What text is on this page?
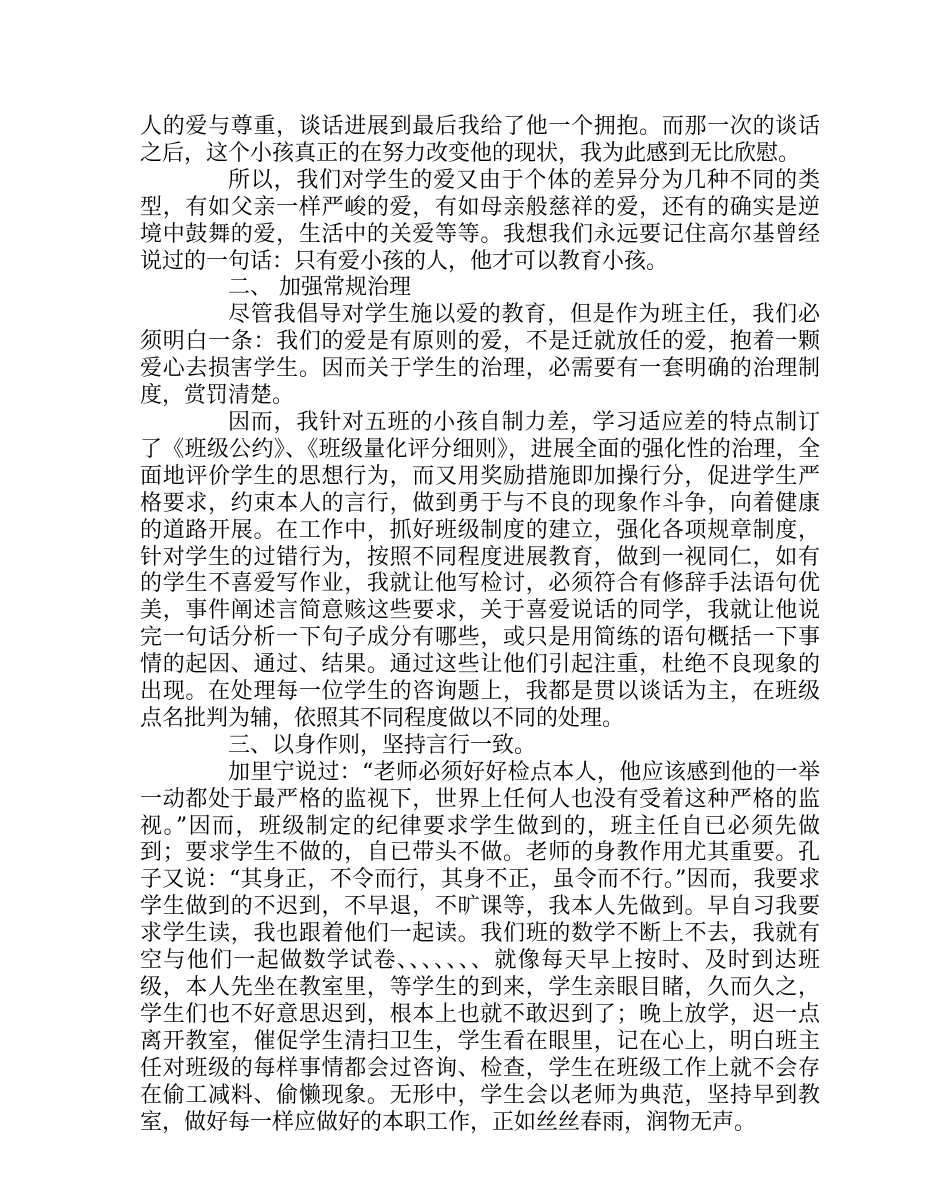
人的爱与尊重，谈话进展到最后我给了他一个拥抱。而那一次的谈话之后，这个小孩真正的在努力改变他的现状，我为此感到无比欣慰。

所以，我们对学生的爱又由于个体的差异分为几种不同的类型，有如父亲一样严峻的爱，有如母亲般慈祥的爱，还有的确实是逆境中鼓舞的爱，生活中的关爱等等。我想我们永远要记住高尔基曾经说过的一句话：只有爱小孩的人，他才可以教育小孩。

二、 加强常规治理

尽管我倡导对学生施以爱的教育，但是作为班主任，我们必须明白一条：我们的爱是有原则的爱，不是迁就放任的爱，抱着一颗爱心去损害学生。因而关于学生的治理，必需要有一套明确的治理制度，赏罚清楚。

因而，我针对五班的小孩自制力差，学习适应差的特点制订了《班级公约》、《班级量化评分细则》，进展全面的强化性的治理，全面地评价学生的思想行为，而又用奖励措施即加操行分，促进学生严格要求，约束本人的言行，做到勇于与不良的现象作斗争，向着健康的道路开展。在工作中，抓好班级制度的建立，强化各项规章制度，针对学生的过错行为，按照不同程度进展教育，做到一视同仁，如有的学生不喜爱写作业，我就让他写检讨，必须符合有修辞手法语句优美，事件阐述言简意赅这些要求，关于喜爱说话的同学，我就让他说完一句话分析一下句子成分有哪些，或只是用简练的语句概括一下事情的起因、通过、结果。通过这些让他们引起注重，杜绝不良现象的出现。在处理每一位学生的咨询题上，我都是贯以谈话为主，在班级点名批判为辅，依照其不同程度做以不同的处理。

三、以身作则，坚持言行一致。

加里宁说过：“老师必须好好检点本人，他应该感到他的一举一动都处于最严格的监视下，世界上任何人也没有受着这种严格的监视。”因而，班级制定的纪律要求学生做到的，班主任自已必须先做到；要求学生不做的，自已带头不做。老师的身教作用尤其重要。孔子又说：“其身正，不令而行，其身不正，虽令而不行。”因而，我要求学生做到的不迟到，不早退，不旷课等，我本人先做到。早自习我要求学生读，我也跟着他们一起读。我们班的数学不断上不去，我就有空与他们一起做数学试卷、、、、、、、就像每天早上按时、及时到达班级，本人先坐在教室里，等学生的到来，学生亲眼目睹，久而久之，学生们也不好意思迟到，根本上也就不敢迟到了；晚上放学，迟一点离开教室，催促学生清扫卫生，学生看在眼里，记在心上，明白班主任对班级的每样事情都会过咨询、检查，学生在班级工作上就不会存在偷工减料、偷懒现象。无形中，学生会以老师为典范，坚持早到教室，做好每一样应做好的本职工作，正如丝丝春雨，润物无声。
